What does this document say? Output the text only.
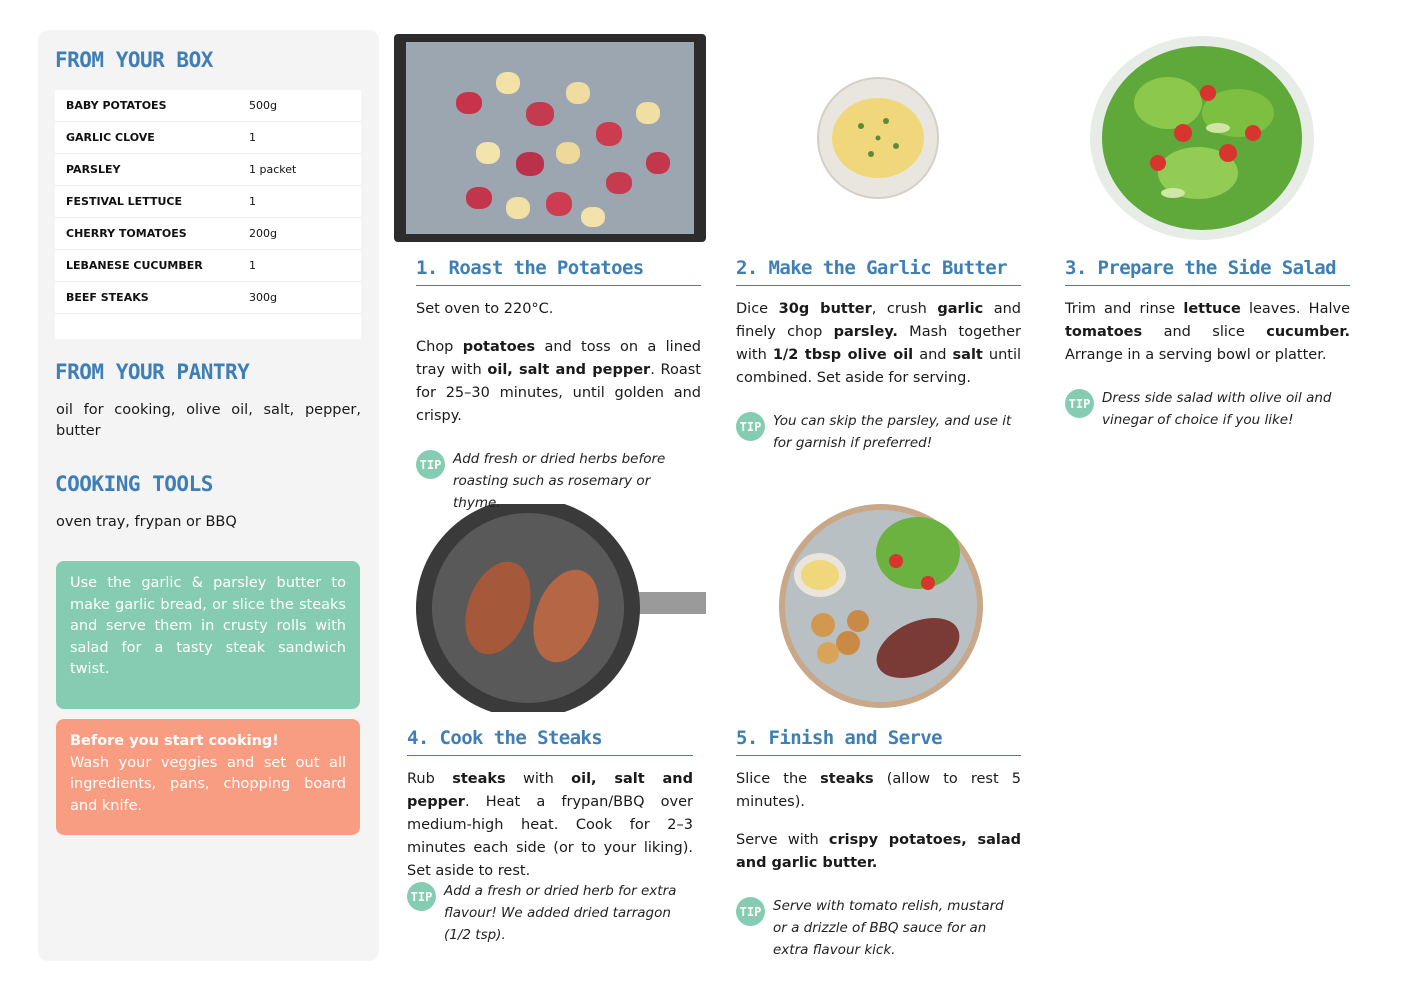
FROM YOUR BOX
BABY POTATOES	500g
GARLIC CLOVE	1
PARSLEY	1 packet
FESTIVAL LETTUCE	1
CHERRY TOMATOES	200g
LEBANESE CUCUMBER	1
BEEF STEAKS	300g
FROM YOUR PANTRY
oil for cooking, olive oil, salt, pepper, butter
COOKING TOOLS
oven tray, frypan or BBQ
Use the garlic & parsley butter to make garlic bread, or slice the steaks and serve them in crusty rolls with salad for a tasty steak sandwich twist.
Before you start cooking!
Wash your veggies and set out all ingredients, pans, chopping board and knife.
1. Roast the Potatoes

Set oven to 220°C.

Chop potatoes and toss on a lined tray with oil, salt and pepper. Roast for 25–30 minutes, until golden and crispy.

TIP Add fresh or dried herbs before roasting such as rosemary or thyme.
2. Make the Garlic Butter

Dice 30g butter, crush garlic and finely chop parsley. Mash together with 1/2 tbsp olive oil and salt until combined. Set aside for serving.

TIP You can skip the parsley, and use it for garnish if preferred!
3. Prepare the Side Salad

Trim and rinse lettuce leaves. Halve tomatoes and slice cucumber. Arrange in a serving bowl or platter.

TIP Dress side salad with olive oil and vinegar of choice if you like!
4. Cook the Steaks

Rub steaks with oil, salt and pepper. Heat a frypan/BBQ over medium-high heat. Cook for 2–3 minutes each side (or to your liking). Set aside to rest.

TIP Add a fresh or dried herb for extra flavour! We added dried tarragon (1/2 tsp).
5. Finish and Serve

Slice the steaks (allow to rest 5 minutes).

Serve with crispy potatoes, salad and garlic butter.

TIP Serve with tomato relish, mustard or a drizzle of BBQ sauce for an extra flavour kick.
